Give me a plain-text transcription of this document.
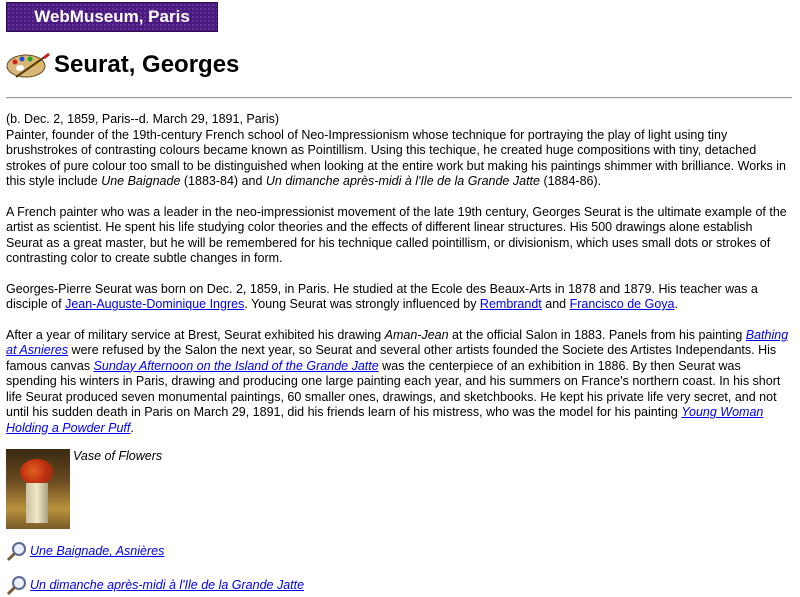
WebMuseum, Paris
Seurat, Georges

(b. Dec. 2, 1859, Paris--d. March 29, 1891, Paris)
Painter, founder of the 19th-century French school of Neo-Impressionism whose technique for portraying the play of light using tiny brushstrokes of contrasting colours became known as Pointillism. Using this techique, he created huge compositions with tiny, detached strokes of pure colour too small to be distinguished when looking at the entire work but making his paintings shimmer with brilliance. Works in this style include Une Baignade (1883-84) and Un dimanche après-midi à l'Ile de la Grande Jatte (1884-86).

A French painter who was a leader in the neo-impressionist movement of the late 19th century, Georges Seurat is the ultimate example of the artist as scientist. He spent his life studying color theories and the effects of different linear structures. His 500 drawings alone establish Seurat as a great master, but he will be remembered for his technique called pointillism, or divisionism, which uses small dots or strokes of contrasting color to create subtle changes in form.

Georges-Pierre Seurat was born on Dec. 2, 1859, in Paris. He studied at the Ecole des Beaux-Arts in 1878 and 1879. His teacher was a disciple of Jean-Auguste-Dominique Ingres. Young Seurat was strongly influenced by Rembrandt and Francisco de Goya.

After a year of military service at Brest, Seurat exhibited his drawing Aman-Jean at the official Salon in 1883. Panels from his painting Bathing at Asnieres were refused by the Salon the next year, so Seurat and several other artists founded the Societe des Artistes Independants. His famous canvas Sunday Afternoon on the Island of the Grande Jatte was the centerpiece of an exhibition in 1886. By then Seurat was spending his winters in Paris, drawing and producing one large painting each year, and his summers on France's northern coast. In his short life Seurat produced seven monumental paintings, 60 smaller ones, drawings, and sketchbooks. He kept his private life very secret, and not until his sudden death in Paris on March 29, 1891, did his friends learn of his mistress, who was the model for his painting Young Woman Holding a Powder Puff.

Vase of Flowers
Une Baignade, Asnières
Un dimanche après-midi à l'Ile de la Grande Jatte
